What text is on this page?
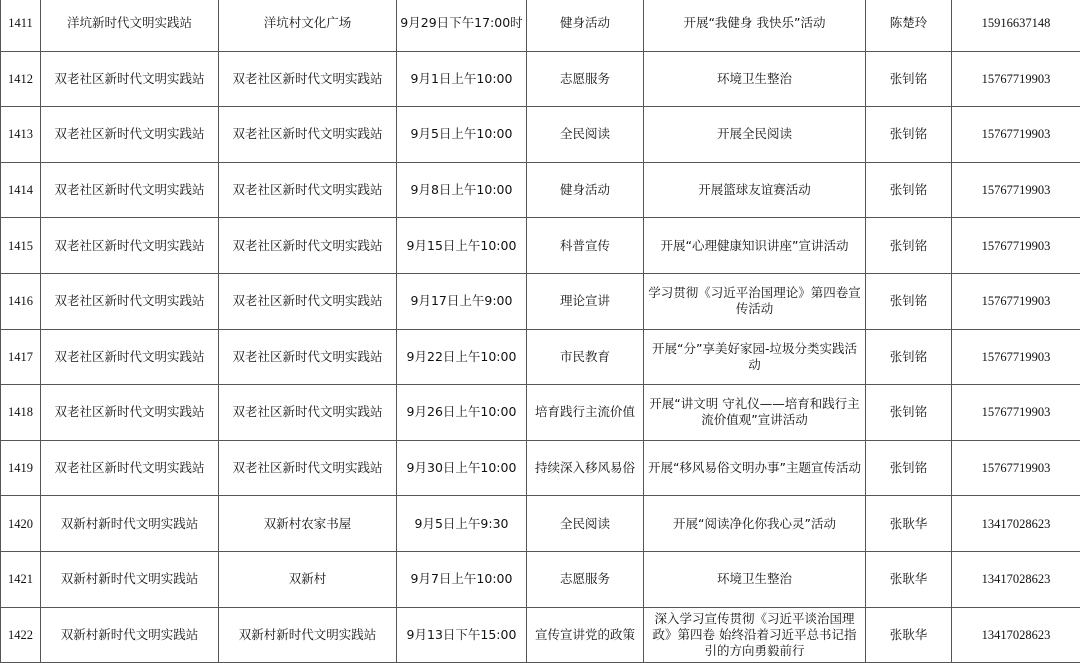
1411	洋坑新时代文明实践站	洋坑村文化广场	9月29日下午17:00时	健身活动	开展“我健身 我快乐”活动	陈楚玲	15916637148
1412	双老社区新时代文明实践站	双老社区新时代文明实践站	9月1日上午10:00	志愿服务	环境卫生整治	张钊铭	15767719903
1413	双老社区新时代文明实践站	双老社区新时代文明实践站	9月5日上午10:00	全民阅读	开展全民阅读	张钊铭	15767719903
1414	双老社区新时代文明实践站	双老社区新时代文明实践站	9月8日上午10:00	健身活动	开展篮球友谊赛活动	张钊铭	15767719903
1415	双老社区新时代文明实践站	双老社区新时代文明实践站	9月15日上午10:00	科普宣传	开展“心理健康知识讲座”宣讲活动	张钊铭	15767719903
1416	双老社区新时代文明实践站	双老社区新时代文明实践站	9月17日上午9:00	理论宣讲	学习贯彻《习近平治国理论》第四卷宣传活动	张钊铭	15767719903
1417	双老社区新时代文明实践站	双老社区新时代文明实践站	9月22日上午10:00	市民教育	开展“分”享美好家园-垃圾分类实践活动	张钊铭	15767719903
1418	双老社区新时代文明实践站	双老社区新时代文明实践站	9月26日上午10:00	培育践行主流价值	开展“讲文明 守礼仪——培育和践行主流价值观”宣讲活动	张钊铭	15767719903
1419	双老社区新时代文明实践站	双老社区新时代文明实践站	9月30日上午10:00	持续深入移风易俗	开展“移风易俗文明办事”主题宣传活动	张钊铭	15767719903
1420	双新村新时代文明实践站	双新村农家书屋	9月5日上午9:30	全民阅读	开展“阅读净化你我心灵”活动	张耿华	13417028623
1421	双新村新时代文明实践站	双新村	9月7日上午10:00	志愿服务	环境卫生整治	张耿华	13417028623
1422	双新村新时代文明实践站	双新村新时代文明实践站	9月13日下午15:00	宣传宣讲党的政策	深入学习宣传贯彻《习近平谈治国理政》第四卷 始终沿着习近平总书记指引的方向勇毅前行	张耿华	13417028623
